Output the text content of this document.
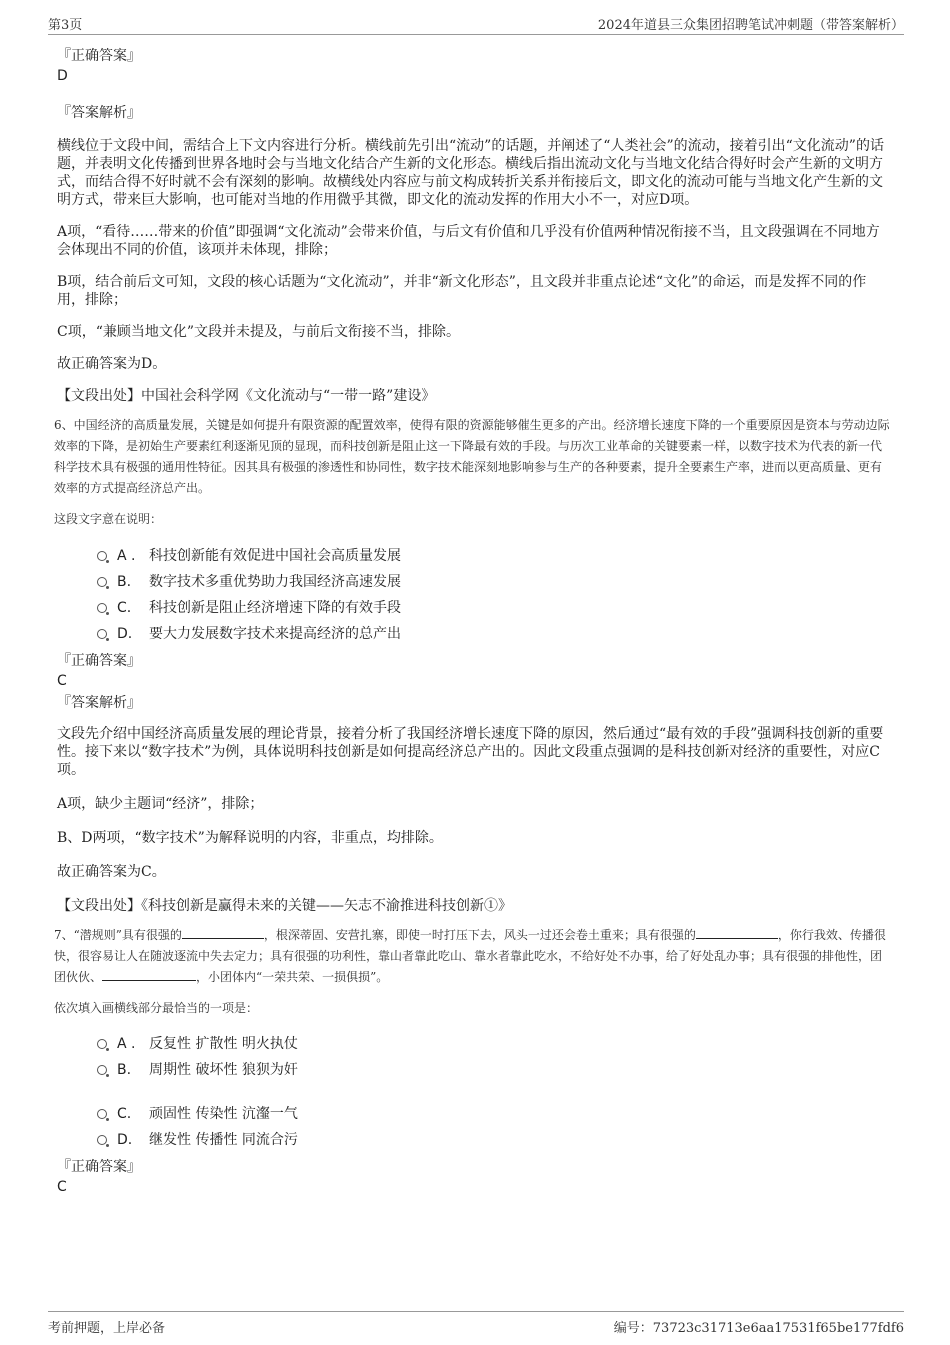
第3页	2024年道县三众集团招聘笔试冲刺题（带答案解析）
『正确答案』
D
『答案解析』

横线位于文段中间，需结合上下文内容进行分析。横线前先引出“流动”的话题，并阐述了“人类社会”的流动，接着引出“文化流动”的话题，并表明文化传播到世界各地时会与当地文化结合产生新的文化形态。横线后指出流动文化与当地文化结合得好时会产生新的文明方式，而结合得不好时就不会有深刻的影响。故横线处内容应与前文构成转折关系并衔接后文，即文化的流动可能与当地文化产生新的文明方式，带来巨大影响，也可能对当地的作用微乎其微，即文化的流动发挥的作用大小不一，对应D项。

A项，“看待……带来的价值”即强调“文化流动”会带来价值，与后文有价值和几乎没有价值两种情况衔接不当，且文段强调在不同地方会体现出不同的价值，该项并未体现，排除；

B项，结合前后文可知，文段的核心话题为“文化流动”，并非“新文化形态”，且文段并非重点论述“文化”的命运，而是发挥不同的作用，排除；

C项，“兼顾当地文化”文段并未提及，与前后文衔接不当，排除。

故正确答案为D。

【文段出处】中国社会科学网《文化流动与“一带一路”建设》

6、中国经济的高质量发展，关键是如何提升有限资源的配置效率，使得有限的资源能够催生更多的产出。经济增长速度下降的一个重要原因是资本与劳动边际效率的下降，是初始生产要素红利逐渐见顶的显现，而科技创新是阻止这一下降最有效的手段。与历次工业革命的关键要素一样，以数字技术为代表的新一代科学技术具有极强的通用性特征。因其具有极强的渗透性和协同性，数字技术能深刻地影响参与生产的各种要素，提升全要素生产率，进而以更高质量、更有效率的方式提高经济总产出。

这段文字意在说明：

A . 科技创新能有效促进中国社会高质量发展
B. 数字技术多重优势助力我国经济高速发展
C. 科技创新是阻止经济增速下降的有效手段
D. 要大力发展数字技术来提高经济的总产出
『正确答案』
C
『答案解析』

文段先介绍中国经济高质量发展的理论背景，接着分析了我国经济增长速度下降的原因，然后通过“最有效的手段”强调科技创新的重要性。接下来以“数字技术”为例，具体说明科技创新是如何提高经济总产出的。因此文段重点强调的是科技创新对经济的重要性，对应C项。

A项，缺少主题词“经济”，排除；

B、D两项，“数字技术”为解释说明的内容，非重点，均排除。

故正确答案为C。

【文段出处】《科技创新是赢得未来的关键——矢志不渝推进科技创新①》

7、“潜规则”具有很强的	，根深蒂固、安营扎寨，即使一时打压下去，风头一过还会卷土重来；具有很强的	，你行我效、传播很快，很容易让人在随波逐流中失去定力；具有很强的功利性，靠山者靠此吃山、靠水者靠此吃水，不给好处不办事，给了好处乱办事；具有很强的排他性，团团伙伙、	，小团体内“一荣共荣、一损俱损”。

依次填入画横线部分最恰当的一项是：

A . 反复性 扩散性 明火执仗
B. 周期性 破坏性 狼狈为奸
C. 顽固性 传染性 沆瀣一气
D. 继发性 传播性 同流合污
『正确答案』
C
考前押题，上岸必备	编号：73723c31713e6aa17531f65be177fdf6
